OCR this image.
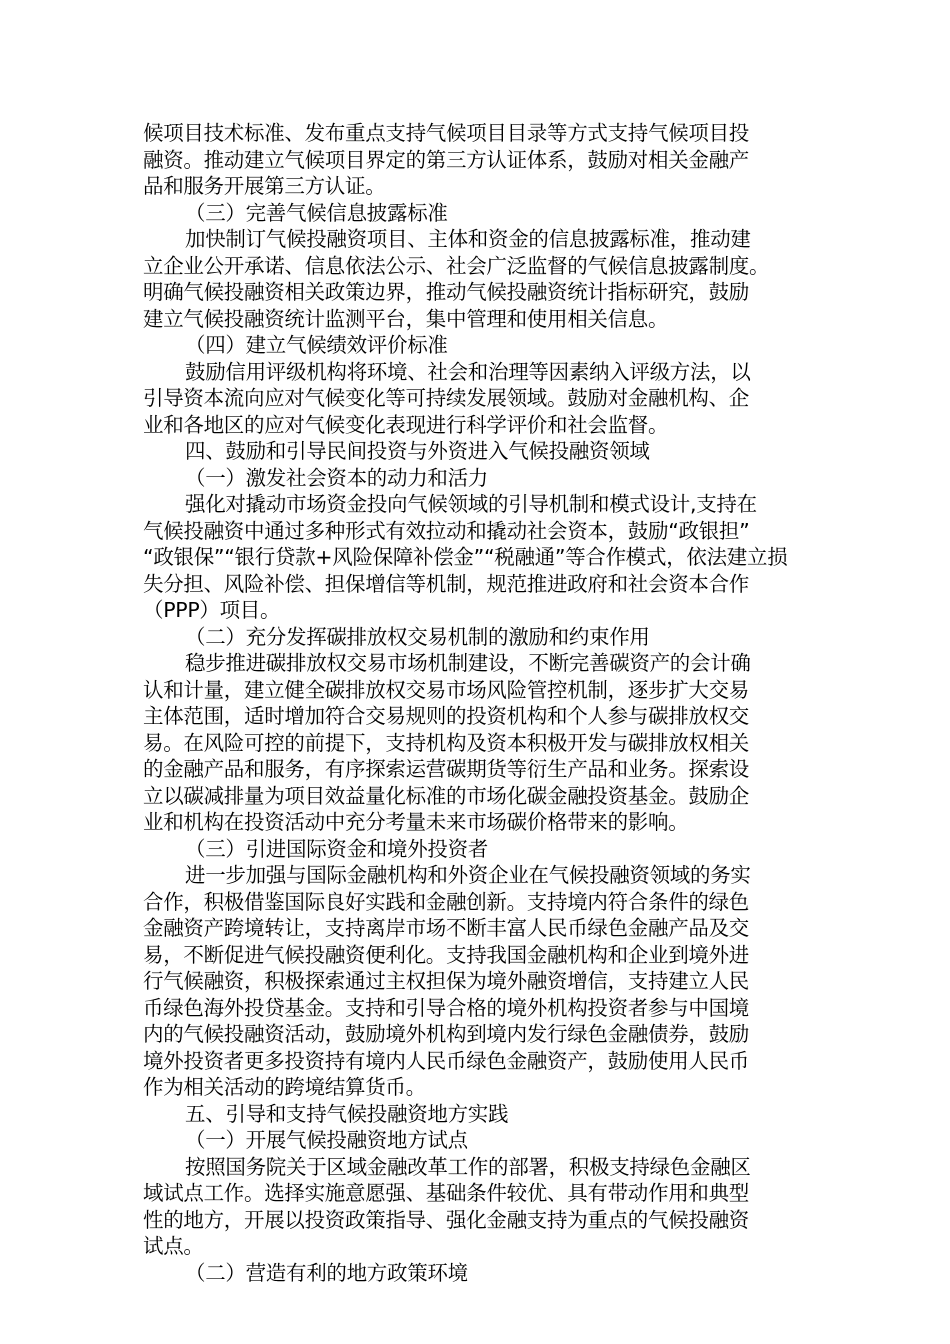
候项目技术标准、发布重点支持气候项目目录等方式支持气候项目投
融资。推动建立气候项目界定的第三方认证体系，鼓励对相关金融产
品和服务开展第三方认证。
（三）完善气候信息披露标准
加快制订气候投融资项目、主体和资金的信息披露标准，推动建
立企业公开承诺、信息依法公示、社会广泛监督的气候信息披露制度。
明确气候投融资相关政策边界，推动气候投融资统计指标研究，鼓励
建立气候投融资统计监测平台，集中管理和使用相关信息。
（四）建立气候绩效评价标准
鼓励信用评级机构将环境、社会和治理等因素纳入评级方法，以
引导资本流向应对气候变化等可持续发展领域。鼓励对金融机构、企
业和各地区的应对气候变化表现进行科学评价和社会监督。
四、鼓励和引导民间投资与外资进入气候投融资领域
（一）激发社会资本的动力和活力
强化对撬动市场资金投向气候领域的引导机制和模式设计,支持在
气候投融资中通过多种形式有效拉动和撬动社会资本，鼓励“政银担”
“政银保”“银行贷款+风险保障补偿金”“税融通”等合作模式，依法建立损
失分担、风险补偿、担保增信等机制，规范推进政府和社会资本合作
（PPP）项目。
（二）充分发挥碳排放权交易机制的激励和约束作用
稳步推进碳排放权交易市场机制建设，不断完善碳资产的会计确
认和计量，建立健全碳排放权交易市场风险管控机制，逐步扩大交易
主体范围，适时增加符合交易规则的投资机构和个人参与碳排放权交
易。在风险可控的前提下，支持机构及资本积极开发与碳排放权相关
的金融产品和服务，有序探索运营碳期货等衍生产品和业务。探索设
立以碳减排量为项目效益量化标准的市场化碳金融投资基金。鼓励企
业和机构在投资活动中充分考量未来市场碳价格带来的影响。
（三）引进国际资金和境外投资者
进一步加强与国际金融机构和外资企业在气候投融资领域的务实
合作，积极借鉴国际良好实践和金融创新。支持境内符合条件的绿色
金融资产跨境转让，支持离岸市场不断丰富人民币绿色金融产品及交
易，不断促进气候投融资便利化。支持我国金融机构和企业到境外进
行气候融资，积极探索通过主权担保为境外融资增信，支持建立人民
币绿色海外投贷基金。支持和引导合格的境外机构投资者参与中国境
内的气候投融资活动，鼓励境外机构到境内发行绿色金融债券，鼓励
境外投资者更多投资持有境内人民币绿色金融资产，鼓励使用人民币
作为相关活动的跨境结算货币。
五、引导和支持气候投融资地方实践
（一）开展气候投融资地方试点
按照国务院关于区域金融改革工作的部署，积极支持绿色金融区
域试点工作。选择实施意愿强、基础条件较优、具有带动作用和典型
性的地方，开展以投资政策指导、强化金融支持为重点的气候投融资
试点。
（二）营造有利的地方政策环境
